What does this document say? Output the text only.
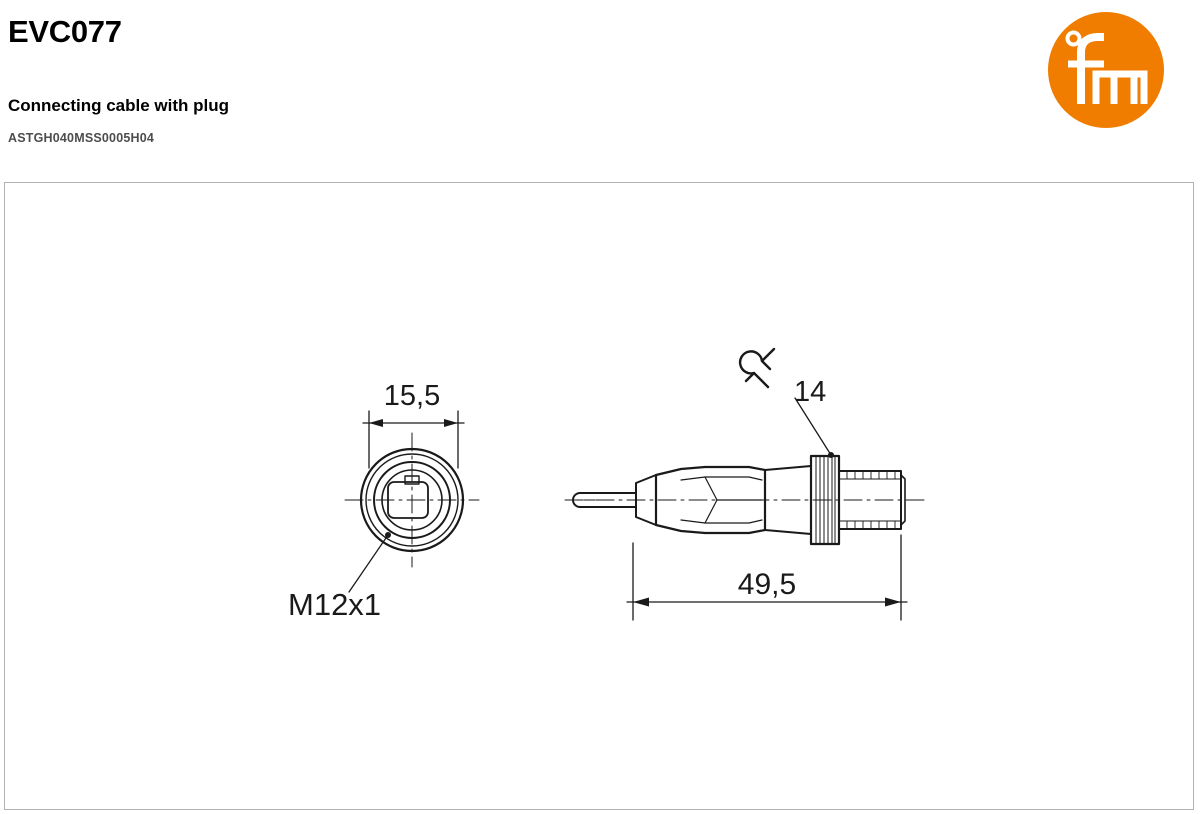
EVC077
Connecting cable with plug
ASTGH040MSS0005H04
15,5
M12x1
14
49,5
